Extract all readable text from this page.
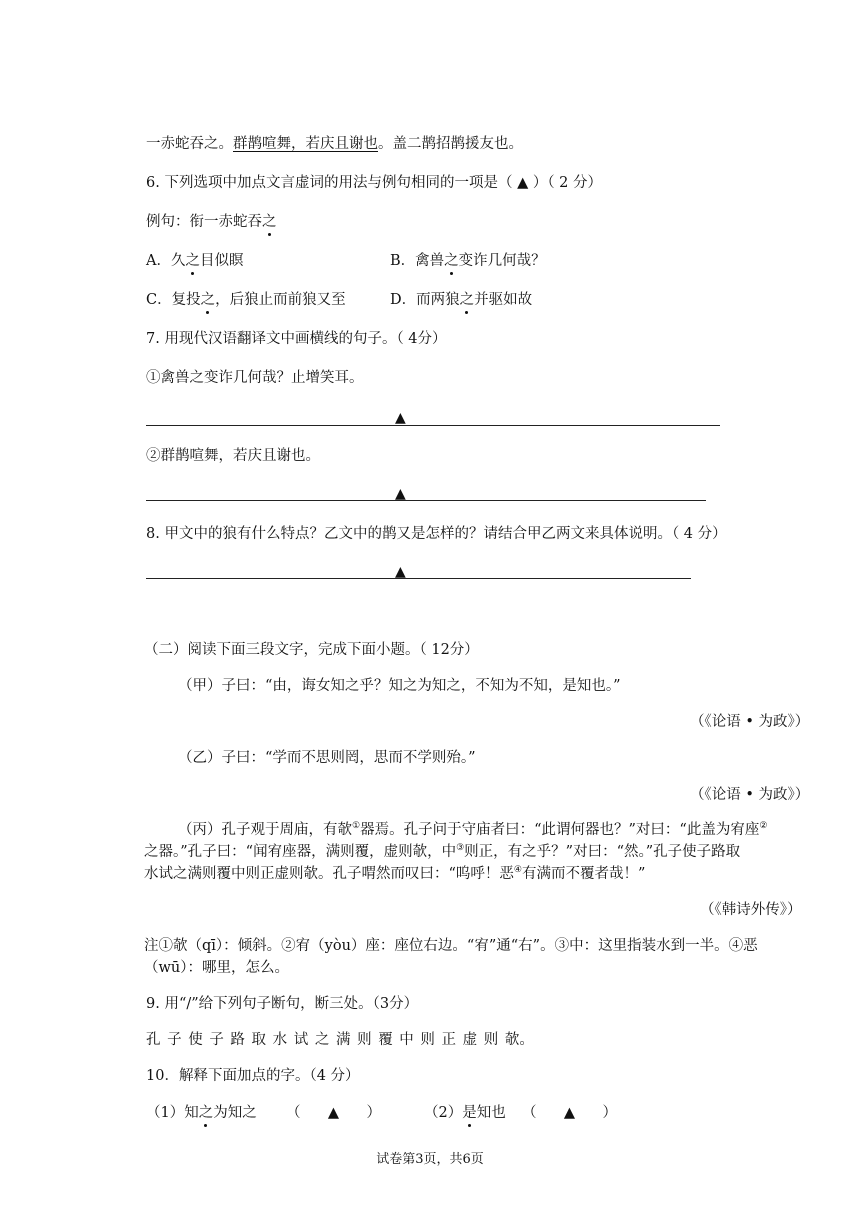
一赤蛇吞之。群鹊喧舞，若庆且谢也。盖二鹊招鹊援友也。
6. 下列选项中加点文言虚词的用法与例句相同的一项是（ ▲ ）（ 2 分）
例句：衔一赤蛇吞之
A．久之目似瞑	B．禽兽之变诈几何哉？
C．复投之，后狼止而前狼又至	D．而两狼之并驱如故
7. 用现代汉语翻译文中画横线的句子。（ 4分）
①禽兽之变诈几何哉？止增笑耳。
▲
②群鹊喧舞，若庆且谢也。
▲
8. 甲文中的狼有什么特点？乙文中的鹊又是怎样的？请结合甲乙两文来具体说明。（ 4 分）
▲
（二）阅读下面三段文字，完成下面小题。（ 12分）
（甲）子曰：“由，诲女知之乎？知之为知之，不知为不知，是知也。”
（《论语 • 为政》）
（乙）子曰：“学而不思则罔，思而不学则殆。”
（《论语 • 为政》）
（丙）孔子观于周庙，有欹①器焉。孔子问于守庙者曰：“此谓何器也？”对曰：“此盖为宥座②
之器。”孔子曰：“闻宥座器，满则覆，虚则欹，中③则正，有之乎？”对曰：“然。”孔子使子路取
水试之满则覆中则正虚则欹。孔子喟然而叹曰：“呜呼！恶④有满而不覆者哉！”
（《韩诗外传》）
注①欹（qī）：倾斜。②宥（yòu）座：座位右边。“宥”通“右”。③中：这里指装水到一半。④恶
（wū）：哪里，怎么。
9. 用“/”给下列句子断句，断三处。（3分）
孔 子 使 子 路 取 水 试 之 满 则 覆 中 则 正 虚 则 欹。
10．解释下面加点的字。（4 分）
（1）知之为知之 （ ▲ ）	（2）是知也 （ ▲ ）
试卷第3页，共6页
